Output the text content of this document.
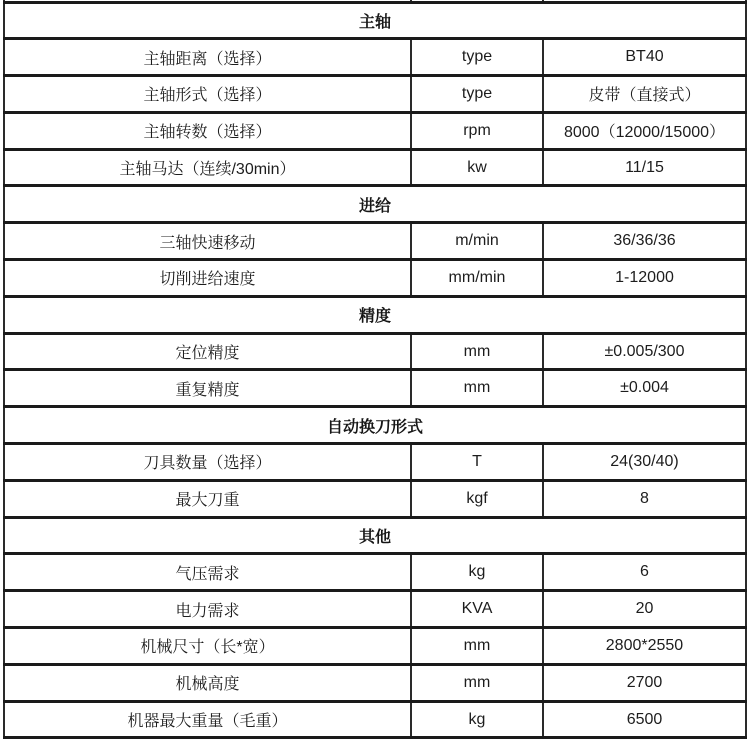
主轴		
主轴距离（选择）	type	BT40
主轴形式（选择）	type	皮带（直接式）
主轴转数（选择）	rpm	8000（12000/15000）
主轴马达（连续/30min）	kw	11/15
进给		
三轴快速移动	m/min	36/36/36
切削进给速度	mm/min	1-12000
精度		
定位精度	mm	±0.005/300
重复精度	mm	±0.004
自动换刀形式		
刀具数量（选择）	T	24(30/40)
最大刀重	kgf	8
其他		
气压需求	kg	6
电力需求	KVA	20
机械尺寸（长*宽）	mm	2800*2550
机械高度	mm	2700
机器最大重量（毛重）	kg	6500
